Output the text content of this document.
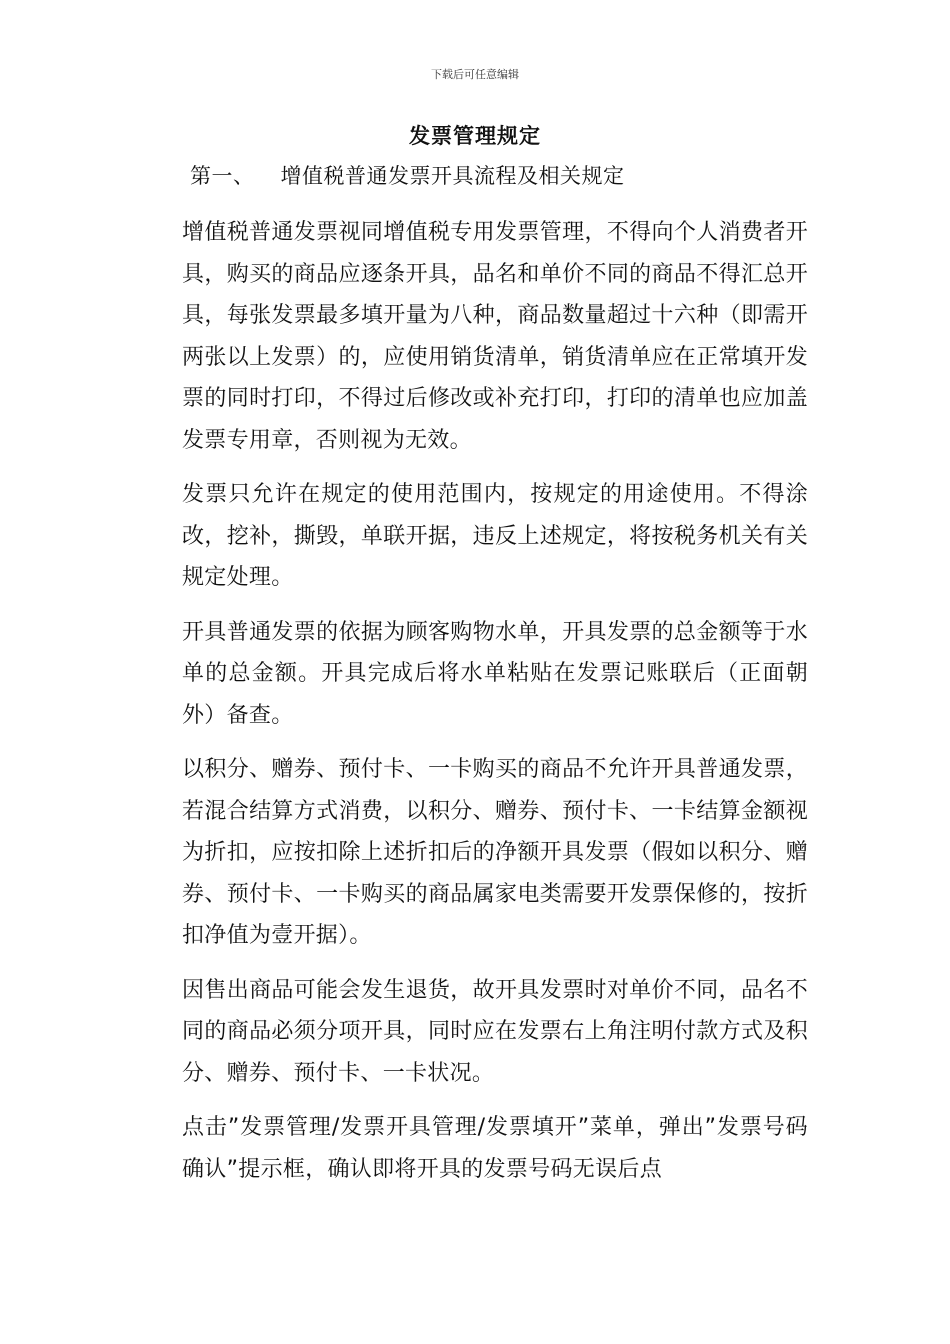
下载后可任意编辑
发票管理规定
第一、 增值税普通发票开具流程及相关规定

增值税普通发票视同增值税专用发票管理，不得向个人消费者开具，购买的商品应逐条开具，品名和单价不同的商品不得汇总开具，每张发票最多填开量为八种，商品数量超过十六种（即需开两张以上发票）的，应使用销货清单，销货清单应在正常填开发票的同时打印，不得过后修改或补充打印，打印的清单也应加盖发票专用章，否则视为无效。

发票只允许在规定的使用范围内，按规定的用途使用。不得涂改，挖补，撕毁，单联开据，违反上述规定，将按税务机关有关规定处理。

开具普通发票的依据为顾客购物水单，开具发票的总金额等于水单的总金额。开具完成后将水单粘贴在发票记账联后（正面朝外）备查。

以积分、赠券、预付卡、一卡购买的商品不允许开具普通发票，若混合结算方式消费，以积分、赠券、预付卡、一卡结算金额视为折扣，应按扣除上述折扣后的净额开具发票（假如以积分、赠券、预付卡、一卡购买的商品属家电类需要开发票保修的，按折扣净值为壹开据）。

因售出商品可能会发生退货，故开具发票时对单价不同，品名不同的商品必须分项开具，同时应在发票右上角注明付款方式及积分、赠券、预付卡、一卡状况。

点击”发票管理/发票开具管理/发票填开”菜单，弹出”发票号码确认”提示框，确认即将开具的发票号码无误后点
